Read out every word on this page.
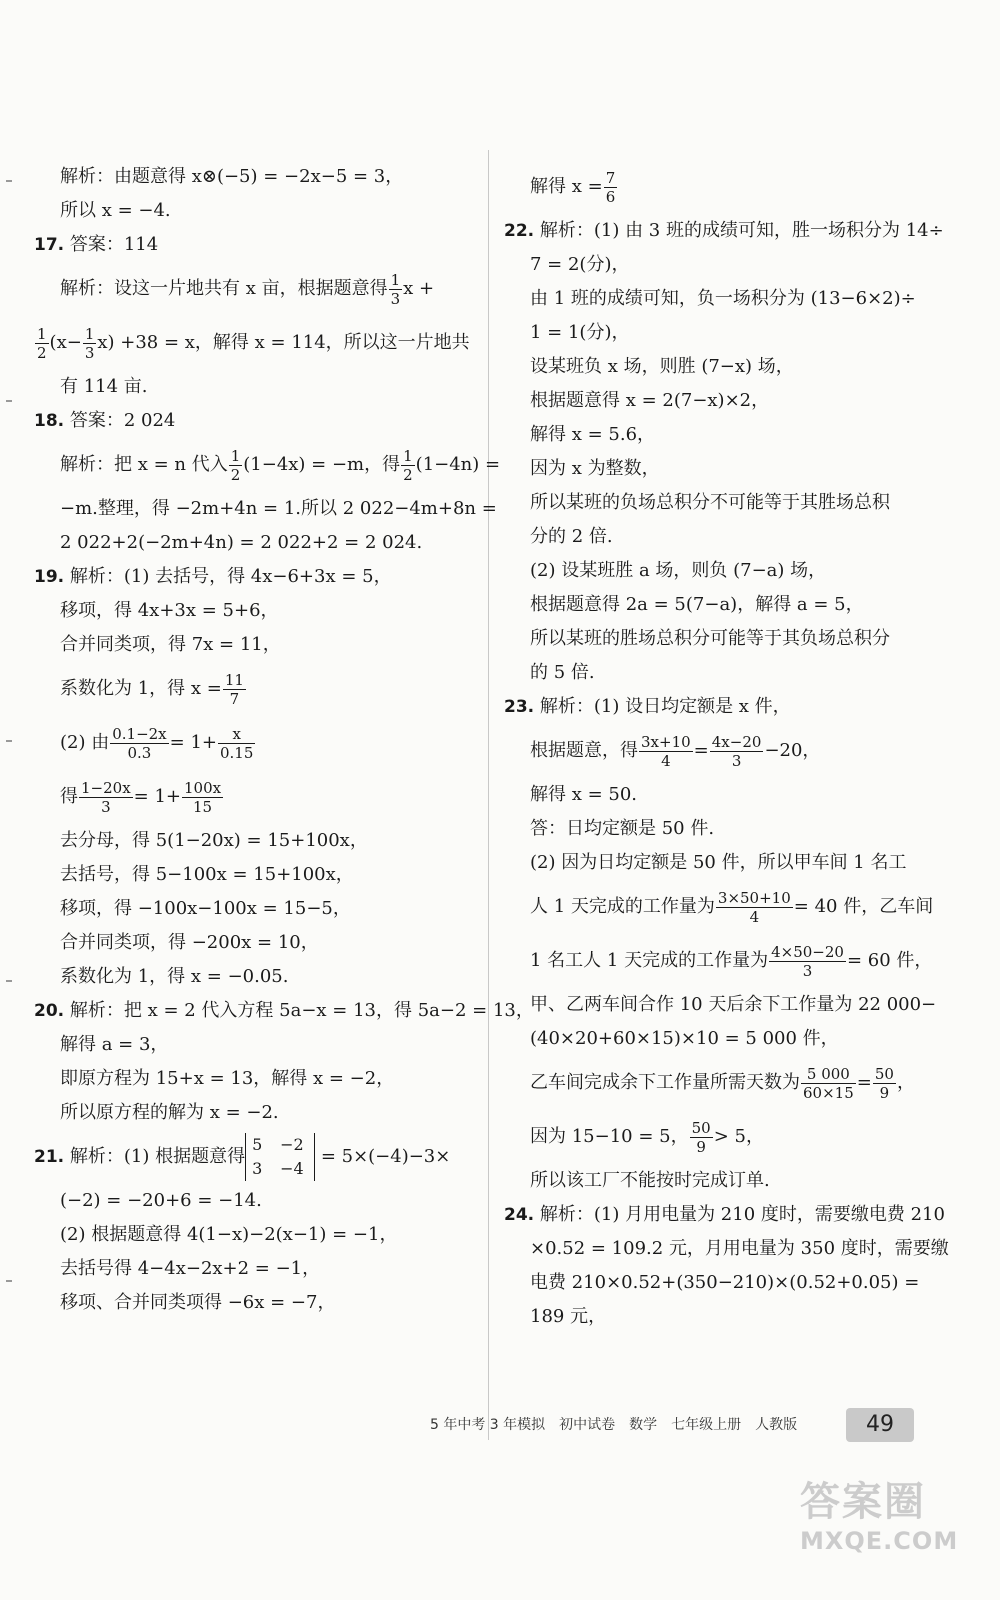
解析：由题意得 x⊗(−5) = −2x−5 = 3，
所以 x = −4.
17. 答案：114
解析：设这一片地共有 x 亩，根据题意得 $\frac{1}{3}$ x +
$\frac{1}{2} (x- \frac{1}{3} x) +38 = x$，解得 x = 114，所以这一片地共
有 114 亩.
18. 答案：2 024
解析：把 x = n 代入 $\frac{1}{2} (1-4x) = -m$，得 $\frac{1}{2} (1-4n)$ =
−m.整理，得 −2m+4n = 1.所以 2 022−4m+8n =
2 022+2(−2m+4n) = 2 022+2 = 2 024.
19. 解析：(1) 去括号，得 4x−6+3x = 5，
移项，得 4x+3x = 5+6，
合并同类项，得 7x = 11，
系数化为 1，得 $x = \frac{11}{7}$
(2) 由 $\frac{0.1-2x}{0.3} = 1+ \frac{x}{0.15}$
得 $\frac{1-20x}{3} = 1+ \frac{100x}{15}$
去分母，得 5(1−20x) = 15+100x，
去括号，得 5−100x = 15+100x，
移项，得 −100x−100x = 15−5，
合并同类项，得 −200x = 10，
系数化为 1，得 x = −0.05.
20. 解析：把 x = 2 代入方程 5a−x = 13，得 5a−2 = 13，
解得 a = 3，
即原方程为 15+x = 13，解得 x = −2，
所以原方程的解为 x = −2.
21. 解析：(1) 根据题意得
5 −2
3 −4
= 5×(−4)−3×
(−2) = −20+6 = −14.
(2) 根据题意得 4(1−x)−2(x−1) = −1，
去括号得 4−4x−2x+2 = −1，
移项、合并同类项得 −6x = −7，
解得 $x = \frac{7}{6}$
22. 解析：(1) 由 3 班的成绩可知，胜一场积分为 14÷
7 = 2(分)，
由 1 班的成绩可知，负一场积分为 (13−6×2)÷
1 = 1(分)，
设某班负 x 场，则胜 (7−x) 场，
根据题意得 x = 2(7−x)×2，
解得 x = 5.6，
因为 x 为整数，
所以某班的负场总积分不可能等于其胜场总积
分的 2 倍.
(2) 设某班胜 a 场，则负 (7−a) 场，
根据题意得 2a = 5(7−a)，解得 a = 5，
所以某班的胜场总积分可能等于其负场总积分
的 5 倍.
23. 解析：(1) 设日均定额是 x 件，
根据题意，得 $\frac{3x+10}{4} = \frac{4x-20}{3} -20$，
解得 x = 50.
答：日均定额是 50 件.
(2) 因为日均定额是 50 件，所以甲车间 1 名工
人 1 天完成的工作量为 $\frac{3\times 50+10}{4} = 40$ 件，乙车间
1 名工人 1 天完成的工作量为 $\frac{4\times 50-20}{3} = 60$ 件，
甲、乙两车间合作 10 天后余下工作量为 22 000−
(40×20+60×15)×10 = 5 000 件，
乙车间完成余下工作量所需天数为 $\frac{5 000}{60\times 15} = \frac{50}{9}$ ，
因为 15−10 = 5， $\frac{50}{9} > 5$，
所以该工厂不能按时完成订单.
24. 解析：(1) 月用电量为 210 度时，需要缴电费 210
×0.52 = 109.2 元，月用电量为 350 度时，需要缴
电费 210×0.52+(350−210)×(0.52+0.05) =
189 元，
5 年中考 3 年模拟　初中试卷　数学　七年级上册　人教版	49
答案圈
MXQE.COM
